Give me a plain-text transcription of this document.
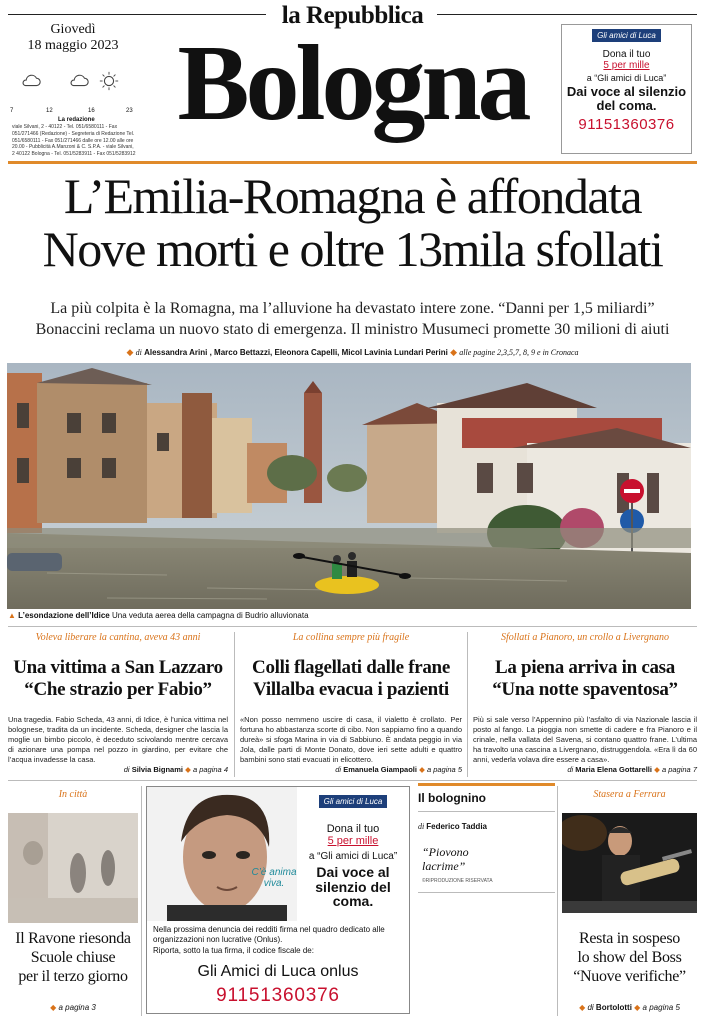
la Repubblica
Bologna
Giovedì
18 maggio 2023
7	12	16	23
La redazione
viale Silvani, 2 - 40122 - Tel. 051/6580111 - Fax 051/271466 (Redazione) - Segreteria di Redazione Tel. 051/6580111 - Fax 051/271466 dalle ore 12.00 alle ore 20.00 - Pubblicità A.Manzoni & C. S.P.A. - viale Silvani, 2 40122 Bologna - Tel. 051/5283911 - Fax 051/5283912
Gli amici di Luca
Dona il tuo
5 per mille
a “Gli amici di Luca”
Dai voce al silenzio del coma.
91151360376
L’Emilia-Romagna è affondata
Nove morti e oltre 13mila sfollati
La più colpita è la Romagna, ma l’alluvione ha devastato intere zone. “Danni per 1,5 miliardi”
Bonaccini reclama un nuovo stato di emergenza. Il ministro Musumeci promette 30 milioni di aiuti
◆ di Alessandra Arini , Marco Bettazzi, Eleonora Capelli, Micol Lavinia Lundari Perini ◆ alle pagine 2,3,5,7, 8, 9 e in Cronaca
▲ L’esondazione dell’Idice Una veduta aerea della campagna di Budrio alluvionata
Voleva liberare la cantina, aveva 43 anni
Una vittima a San Lazzaro
“Che strazio per Fabio”
Una tragedia. Fabio Scheda, 43 anni, di Idice, è l’unica vittima nel bolognese, tradita da un incidente. Scheda, designer che lascia la moglie un bimbo piccolo, è deceduto scivolando mentre cercava di azionare una pompa nel pozzo in giardino, per evitare che l’acqua invadesse la casa.
di Silvia Bignami ◆ a pagina 4
La collina sempre più fragile
Colli flagellati dalle frane
Villalba evacua i pazienti
«Non posso nemmeno uscire di casa, il vialetto è crollato. Per fortuna ho abbastanza scorte di cibo. Non sappiamo fino a quando dureà» si sfoga Marina in via di Sabbiuno. È andata peggio in via Jola, dalle parti di Monte Donato, dove ieri sette adulti e quattro bambini sono stati evacuati in elicottero.
di Emanuela Giampaoli ◆ a pagina 5
Sfollati a Pianoro, un crollo a Livergnano
La piena arriva in casa
“Una notte spaventosa”
Più si sale verso l’Appennino più l’asfalto di via Nazionale lascia il posto al fango. La pioggia non smette di cadere e fra Pianoro e il crinale, nella vallata del Savena, si contano quattro frane. L’ultima ha travolto una cascina a Livergnano, distruggendola. «Era lì da 60 anni, vederla volava dire essere a casa».
di Maria Elena Gottarelli ◆ a pagina 7
In città
Il Ravone riesonda
Scuole chiuse
per il terzo giorno
◆ a pagina 3
C’è anima viva.
Gli amici di Luca
Dona il tuo
5 per mille
a “Gli amici di Luca”
Dai voce al silenzio del coma.
Nella prossima denuncia dei redditi firma nel quadro dedicato alle organizzazioni non lucrative (Onlus).
Riporta, sotto la tua firma, il codice fiscale de:
Gli Amici di Luca onlus
91151360376
Il bolognino
di Federico Taddia
“Piovono lacrime”
©RIPRODUZIONE RISERVATA
Stasera a Ferrara
Resta in sospeso
lo show del Boss
“Nuove verifiche”
◆ di Bortolotti ◆ a pagina 5
